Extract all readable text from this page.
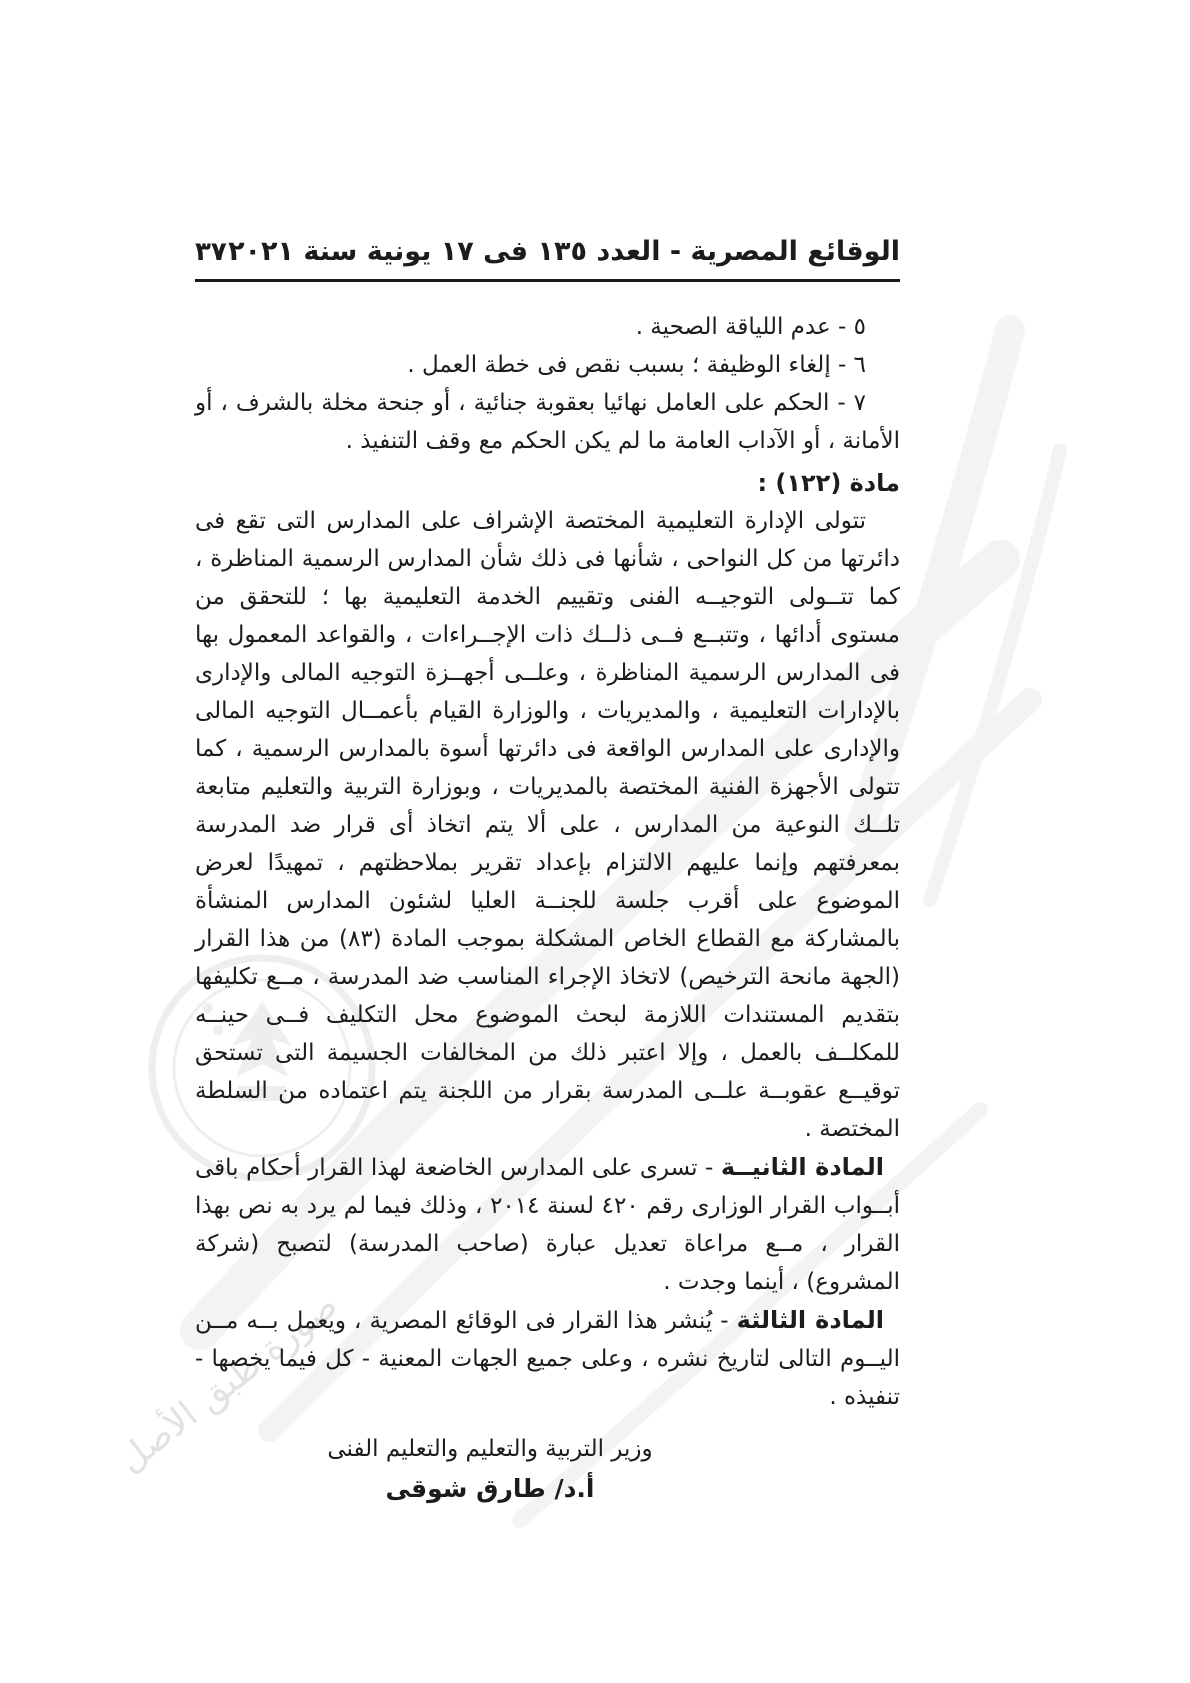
صورة طبق الأصل
الوقائع المصرية - العدد ١٣٥ فى ١٧ يونية سنة ٢٠٢١
٣٧

٥ - عدم اللياقة الصحية .

٦ - إلغاء الوظيفة ؛ بسبب نقص فى خطة العمل .

٧ - الحكم على العامل نهائيا بعقوبة جنائية ، أو جنحة مخلة بالشرف ، أو الأمانة ، أو الآداب العامة ما لم يكن الحكم مع وقف التنفيذ .

مادة (١٢٢) :

تتولى الإدارة التعليمية المختصة الإشراف على المدارس التى تقع فى دائرتها من كل النواحى ، شأنها فى ذلك شأن المدارس الرسمية المناظرة ، كما تتــولى التوجيــه الفنى وتقييم الخدمة التعليمية بها ؛ للتحقق من مستوى أدائها ، وتتبــع فــى ذلــك ذات الإجــراءات ، والقواعد المعمول بها فى المدارس الرسمية المناظرة ، وعلــى أجهــزة التوجيه المالى والإدارى بالإدارات التعليمية ، والمديريات ، والوزارة القيام بأعمــال التوجيه المالى والإدارى على المدارس الواقعة فى دائرتها أسوة بالمدارس الرسمية ، كما تتولى الأجهزة الفنية المختصة بالمديريات ، وبوزارة التربية والتعليم متابعة تلــك النوعية من المدارس ، على ألا يتم اتخاذ أى قرار ضد المدرسة بمعرفتهم وإنما عليهم الالتزام بإعداد تقرير بملاحظتهم ، تمهيدًا لعرض الموضوع على أقرب جلسة للجنــة العليا لشئون المدارس المنشأة بالمشاركة مع القطاع الخاص المشكلة بموجب المادة (٨٣) من هذا القرار (الجهة مانحة الترخيص) لاتخاذ الإجراء المناسب ضد المدرسة ، مــع تكليفها بتقديم المستندات اللازمة لبحث الموضوع محل التكليف فــى حينــه للمكلــف بالعمل ، وإلا اعتبر ذلك من المخالفات الجسيمة التى تستحق توقيــع عقوبــة علــى المدرسة بقرار من اللجنة يتم اعتماده من السلطة المختصة .

المادة الثانيــة - تسرى على المدارس الخاضعة لهذا القرار أحكام باقى أبــواب القرار الوزارى رقم ٤٢٠ لسنة ٢٠١٤ ، وذلك فيما لم يرد به نص بهذا القرار ، مــع مراعاة تعديل عبارة (صاحب المدرسة) لتصبح (شركة المشروع) ، أينما وجدت .

المادة الثالثة - يُنشر هذا القرار فى الوقائع المصرية ، ويعمل بــه مــن اليــوم التالى لتاريخ نشره ، وعلى جميع الجهات المعنية - كل فيما يخصها - تنفيذه .

وزير التربية والتعليم والتعليم الفنى
أ.د/ طارق شوقى
